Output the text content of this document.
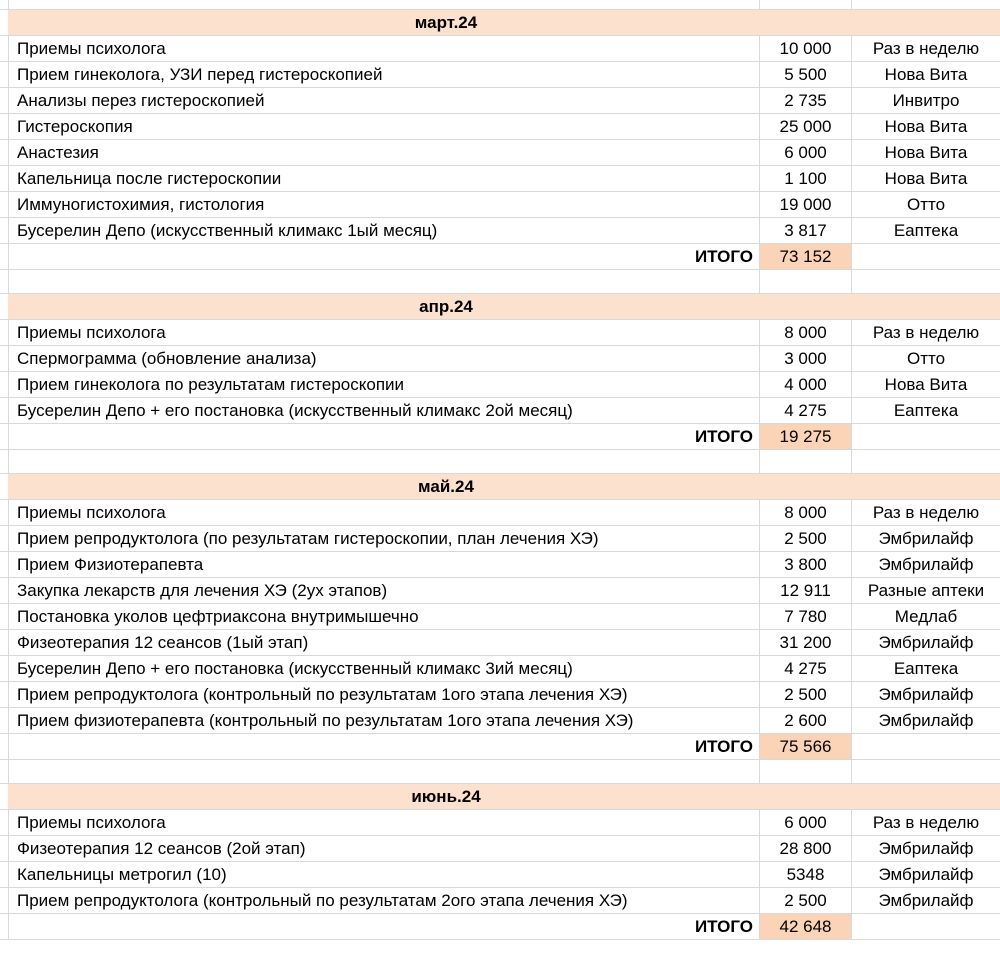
март.24
Приемы психолога	10 000	Раз в неделю
Прием гинеколога, УЗИ перед гистероскопией	5 500	Нова Вита
Анализы перез гистероскопией	2 735	Инвитро
Гистероскопия	25 000	Нова Вита
Анастезия	6 000	Нова Вита
Капельница после гистероскопии	1 100	Нова Вита
Иммуногистохимия, гистология	19 000	Отто
Бусерелин Депо (искусственный климакс 1ый месяц)	3 817	Еаптека
ИТОГО	73 152
апр.24
Приемы психолога	8 000	Раз в неделю
Спермограмма (обновление анализа)	3 000	Отто
Прием гинеколога по результатам гистероскопии	4 000	Нова Вита
Бусерелин Депо + его постановка (искусственный климакс 2ой месяц)	4 275	Еаптека
ИТОГО	19 275
май.24
Приемы психолога	8 000	Раз в неделю
Прием репродуктолога (по результатам гистероскопии, план лечения ХЭ)	2 500	Эмбрилайф
Прием Физиотерапевта	3 800	Эмбрилайф
Закупка лекарств для лечения ХЭ (2ух этапов)	12 911	Разные аптеки
Постановка уколов цефтриаксона внутримышечно	7 780	Медлаб
Физеотерапия 12 сеансов (1ый этап)	31 200	Эмбрилайф
Бусерелин Депо + его постановка (искусственный климакс 3ий месяц)	4 275	Еаптека
Прием репродуктолога (контрольный по результатам 1ого этапа лечения ХЭ)	2 500	Эмбрилайф
Прием физиотерапевта (контрольный по результатам 1ого этапа лечения ХЭ)	2 600	Эмбрилайф
ИТОГО	75 566
июнь.24
Приемы психолога	6 000	Раз в неделю
Физеотерапия 12 сеансов (2ой этап)	28 800	Эмбрилайф
Капельницы метрогил (10)	5348	Эмбрилайф
Прием репродуктолога (контрольный по результатам 2ого этапа лечения ХЭ)	2 500	Эмбрилайф
ИТОГО	42 648
